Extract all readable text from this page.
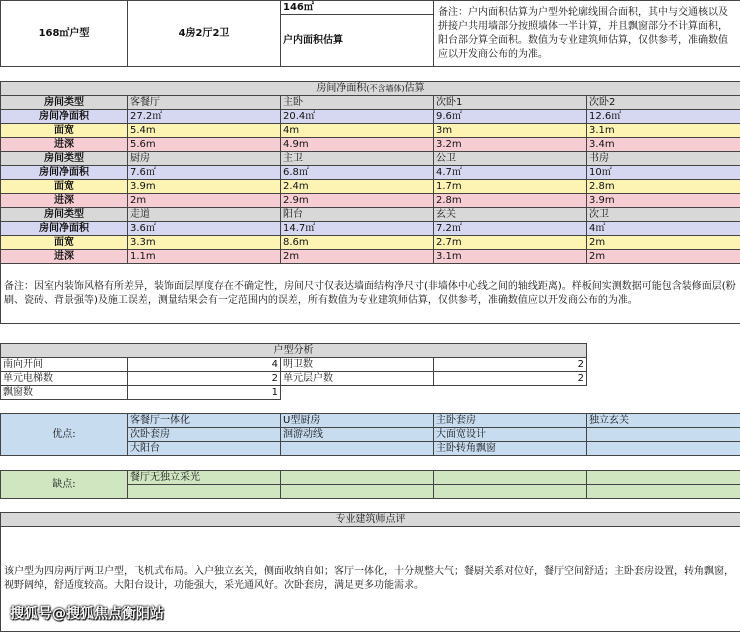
168㎡户型	4房2厅2卫	146㎡	备注：户内面积估算为户型外轮廓线围合面积，其中与交通核以及拼接户共用墙部分按照墙体一半计算，并且飘窗部分不计算面积，阳台部分算全面积。数值为专业建筑师估算，仅供参考，准确数值应以开发商公布的为准。
户内面积估算
房间净面积(不含墙体)估算				
房间类型	客餐厅	主卧	次卧1	次卧2
房间净面积	27.2㎡	20.4㎡	9.6㎡	12.6㎡
面宽	5.4m	4m	3m	3.1m
进深	5.6m	4.9m	3.2m	3.4m
房间类型	厨房	主卫	公卫	书房
房间净面积	7.6㎡	6.8㎡	4.7㎡	10㎡
面宽	3.9m	2.4m	1.7m	2.8m
进深	2m	2.9m	2.8m	3.9m
房间类型	走道	阳台	玄关	次卫
房间净面积	3.6㎡	14.7㎡	7.2㎡	4㎡
面宽	3.3m	8.6m	2.7m	2m
进深	1.1m	2m	3.1m	2m
备注：因室内装饰风格有所差异，装饰面层厚度存在不确定性，房间尺寸仅表达墙面结构净尺寸(非墙体中心线之间的轴线距离)。样板间实测数据可能包含装修面层(粉刷、瓷砖、背景强等)及施工误差，测量结果会有一定范围内的误差，所有数值为专业建筑师估算，仅供参考，准确数值应以开发商公布的为准。				
户型分析			
南向开间	4	明卫数	2
单元电梯数	2	单元层户数	2
飘窗数	1		
优点:	客餐厅一体化	U型厨房	主卧套房	独立玄关
	次卧套房	洄游动线	大面宽设计	
	大阳台		主卧转角飘窗	
缺点:	餐厅无独立采光			

专业建筑师点评
该户型为四房两厅两卫户型，飞机式布局。入户独立玄关，侧面收纳自如；客厅一体化，十分规整大气；餐厨关系对位好，餐厅空间舒适；主卧套房设置，转角飘窗，视野阔绰，舒适度较高。大阳台设计，功能强大，采光通风好。次卧套房，满足更多功能需求。
搜狐号@搜狐焦点衡阳站
